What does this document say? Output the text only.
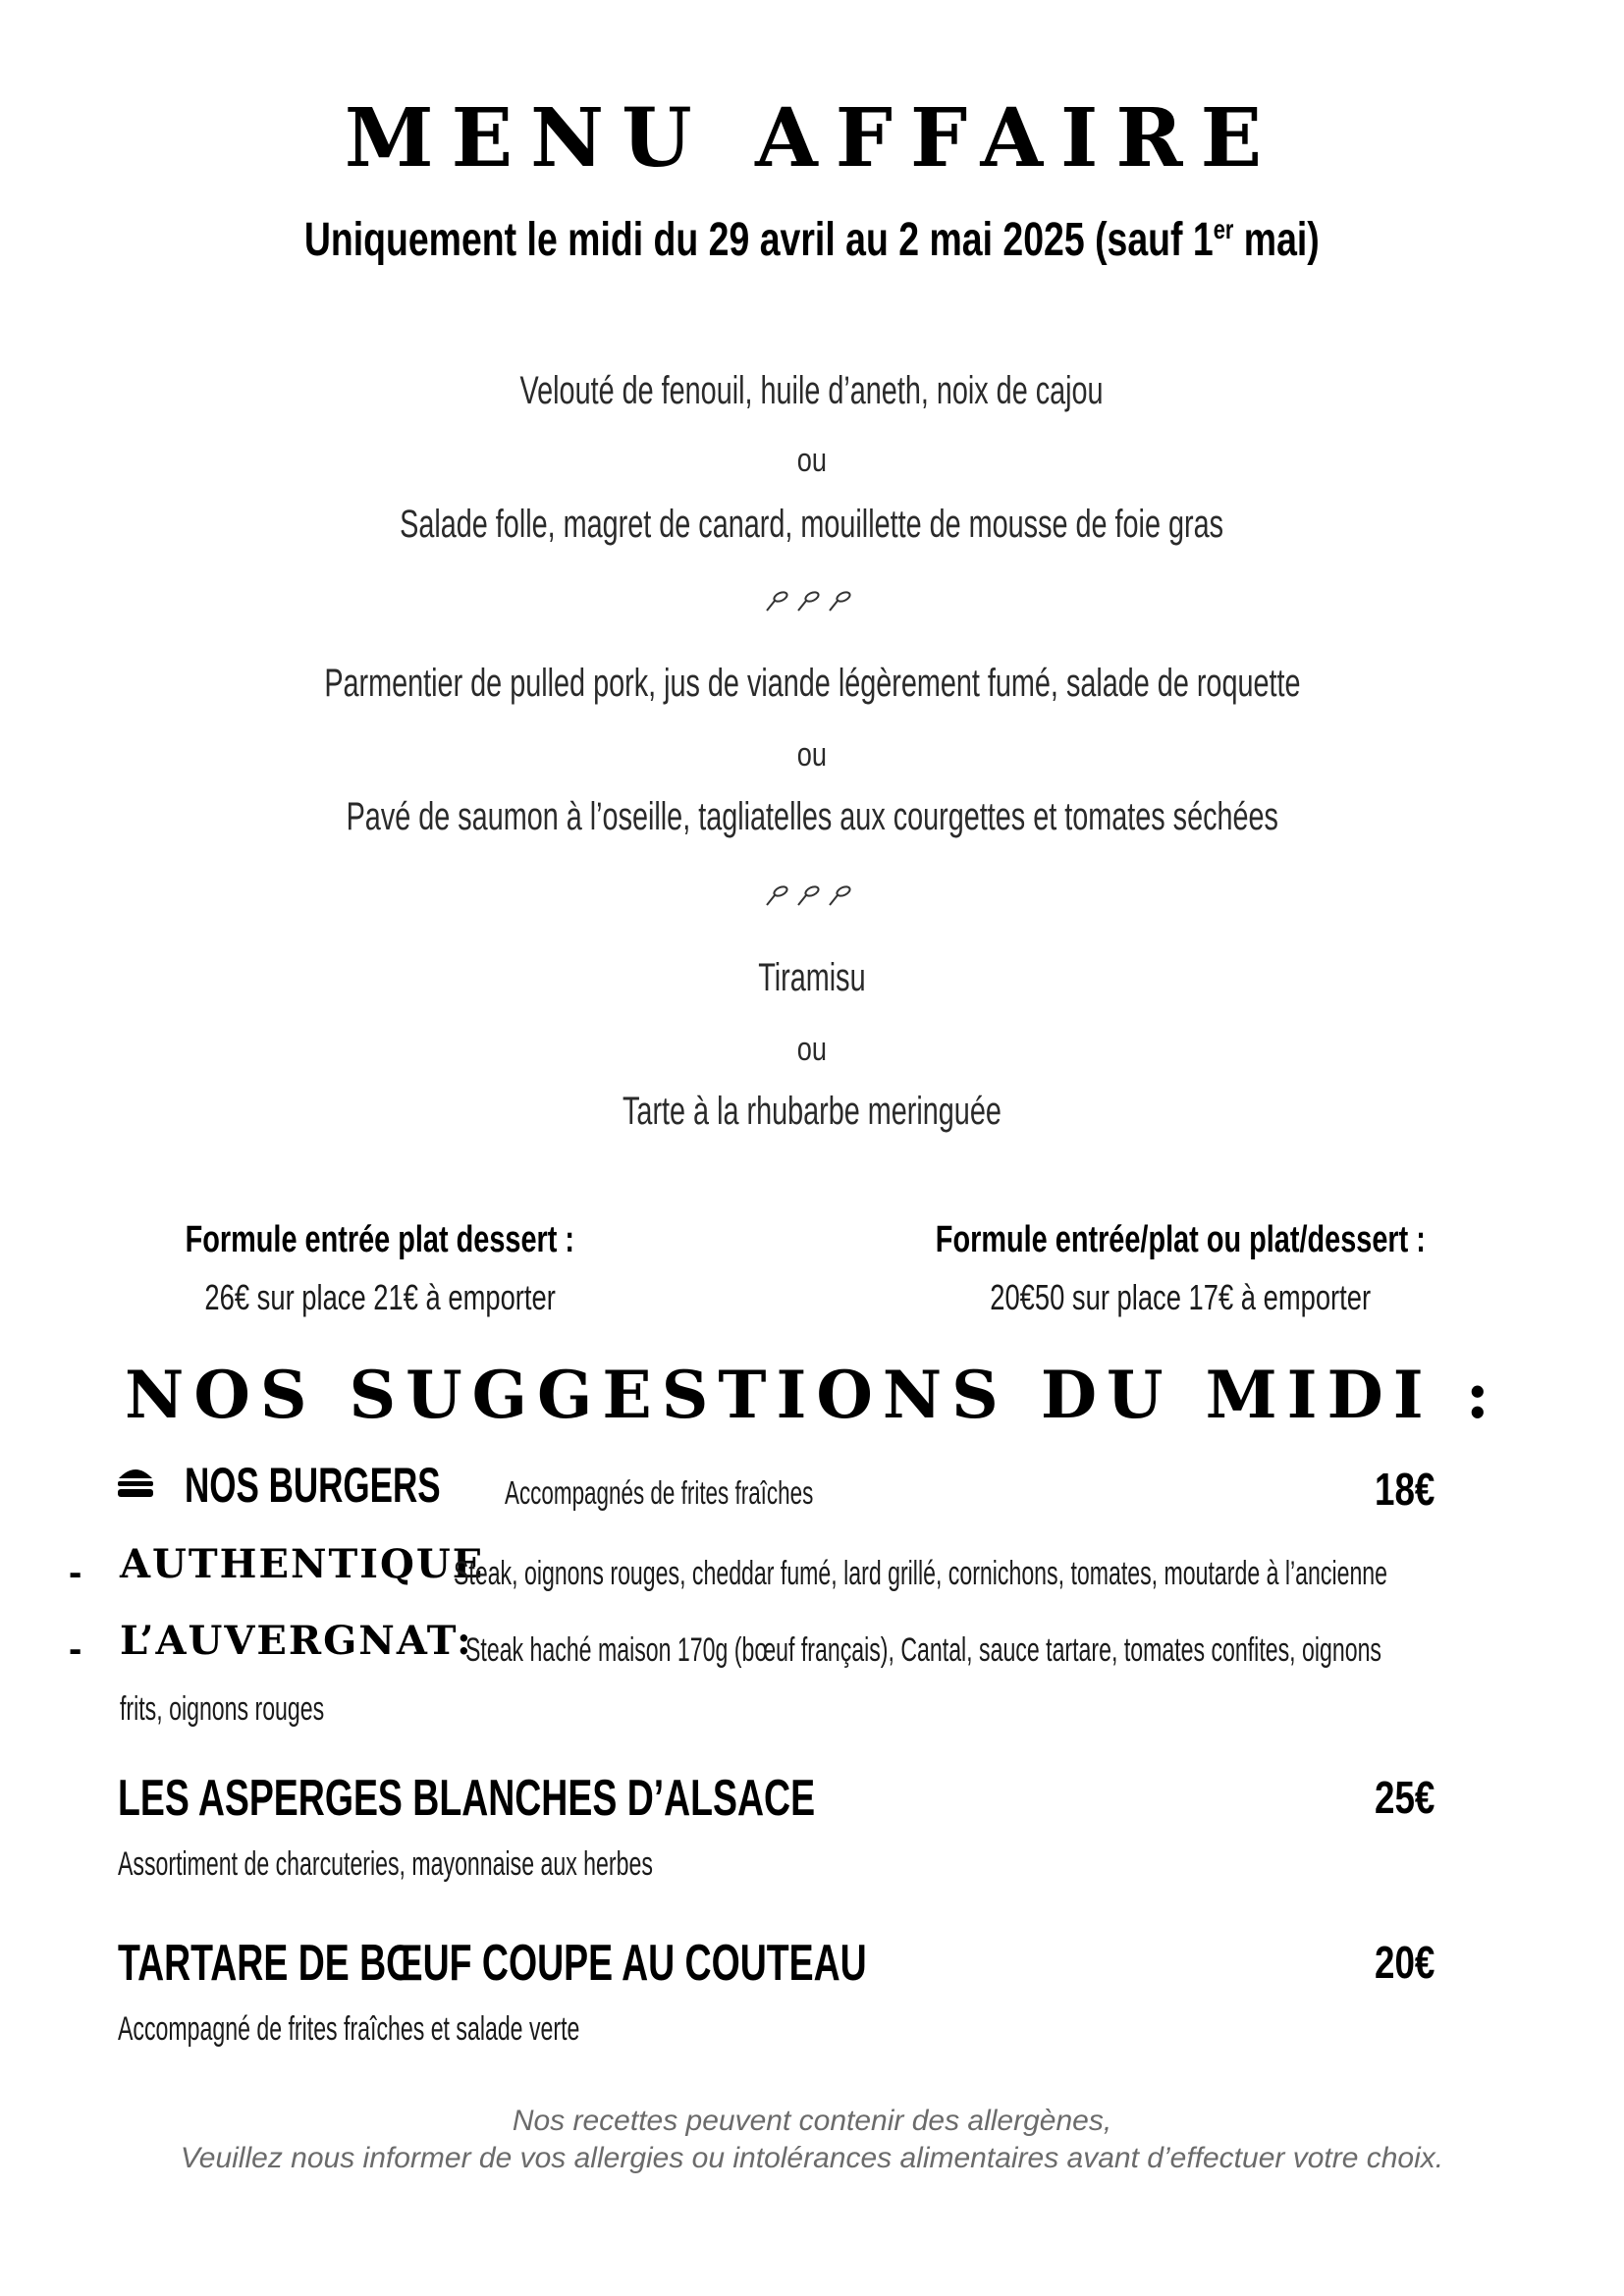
MENU AFFAIRE
Uniquement le midi du 29 avril au 2 mai 2025 (sauf 1er mai)
Velouté de fenouil, huile d’aneth, noix de cajou
ou
Salade folle, magret de canard, mouillette de mousse de foie gras
Parmentier de pulled pork, jus de viande légèrement fumé, salade de roquette
ou
Pavé de saumon à l’oseille, tagliatelles aux courgettes et tomates séchées
Tiramisu
ou
Tarte à la rhubarbe meringuée
Formule entrée plat dessert :
26€ sur place 21€ à emporter
Formule entrée/plat ou plat/dessert :
20€50 sur place 17€ à emporter
NOS SUGGESTIONS DU MIDI :
NOS BURGERS	Accompagnés de frites fraîches	18€
- AUTHENTIQUE
Steak, oignons rouges, cheddar fumé, lard grillé, cornichons, tomates, moutarde à l’ancienne
- L’AUVERGNAT:
Steak haché maison 170g (bœuf français), Cantal, sauce tartare, tomates confites, oignons
frits, oignons rouges
LES ASPERGES BLANCHES D’ALSACE	25€
Assortiment de charcuteries, mayonnaise aux herbes
TARTARE DE BŒUF COUPE AU COUTEAU	20€
Accompagné de frites fraîches et salade verte
Nos recettes peuvent contenir des allergènes,
Veuillez nous informer de vos allergies ou intolérances alimentaires avant d’effectuer votre choix.
